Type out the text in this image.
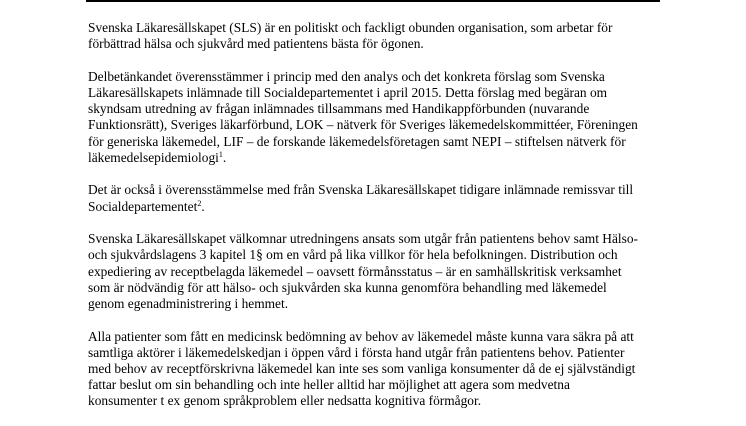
Svenska Läkaresällskapet (SLS) är en politiskt och fackligt obunden organisation, som arbetar för
förbättrad hälsa och sjukvård med patientens bästa för ögonen.

Delbetänkandet överensstämmer i princip med den analys och det konkreta förslag som Svenska
Läkaresällskapets inlämnade till Socialdepartementet i april 2015. Detta förslag med begäran om
skyndsam utredning av frågan inlämnades tillsammans med Handikappförbunden (nuvarande
Funktionsrätt), Sveriges läkarförbund, LOK – nätverk för Sveriges läkemedelskommittéer, Föreningen
för generiska läkemedel, LIF – de forskande läkemedelsföretagen samt NEPI – stiftelsen nätverk för
läkemedelsepidemiologi$^1$.

Det är också i överensstämmelse med från Svenska Läkaresällskapet tidigare inlämnade remissvar till
Socialdepartementet$^2$.

Svenska Läkaresällskapet välkomnar utredningens ansats som utgår från patientens behov samt Hälso-
och sjukvårdslagens 3 kapitel 1§ om en vård på lika villkor för hela befolkningen. Distribution och
expediering av receptbelagda läkemedel – oavsett förmånsstatus – är en samhällskritisk verksamhet
som är nödvändig för att hälso- och sjukvården ska kunna genomföra behandling med läkemedel
genom egenadministrering i hemmet.

Alla patienter som fått en medicinsk bedömning av behov av läkemedel måste kunna vara säkra på att
samtliga aktörer i läkemedelskedjan i öppen vård i första hand utgår från patientens behov. Patienter
med behov av receptförskrivna läkemedel kan inte ses som vanliga konsumenter då de ej självständigt
fattar beslut om sin behandling och inte heller alltid har möjlighet att agera som medvetna
konsumenter t ex genom språkproblem eller nedsatta kognitiva förmågor.
